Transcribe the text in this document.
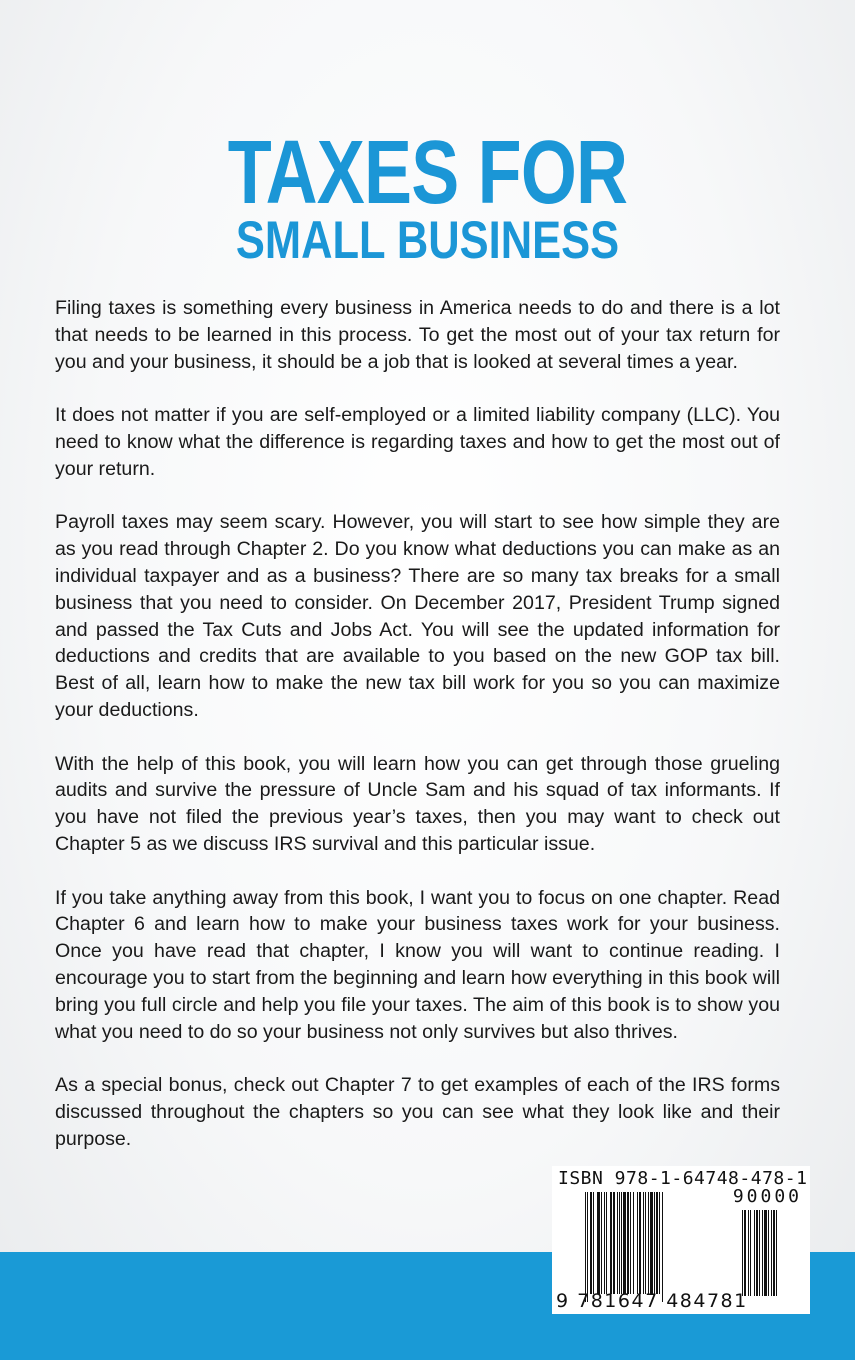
TAXES FOR
SMALL BUSINESS

Filing taxes is something every business in America needs to do and there is a lot that needs to be learned in this process. To get the most out of your tax return for you and your business, it should be a job that is looked at several times a year.

It does not matter if you are self-employed or a limited liability company (LLC). You need to know what the difference is regarding taxes and how to get the most out of your return.

Payroll taxes may seem scary. However, you will start to see how simple they are as you read through Chapter 2. Do you know what deductions you can make as an individual taxpayer and as a business? There are so many tax breaks for a small business that you need to consider. On December 2017, President Trump signed and passed the Tax Cuts and Jobs Act. You will see the updated information for deductions and credits that are available to you based on the new GOP tax bill. Best of all, learn how to make the new tax bill work for you so you can maximize your deductions.

With the help of this book, you will learn how you can get through those grueling audits and survive the pressure of Uncle Sam and his squad of tax informants. If you have not filed the previous year’s taxes, then you may want to check out Chapter 5 as we discuss IRS survival and this particular issue.

If you take anything away from this book, I want you to focus on one chapter. Read Chapter 6 and learn how to make your business taxes work for your business. Once you have read that chapter, I know you will want to continue reading. I encourage you to start from the beginning and learn how everything in this book will bring you full circle and help you file your taxes. The aim of this book is to show you what you need to do so your business not only survives but also thrives.

As a special bonus, check out Chapter 7 to get examples of each of the IRS forms discussed throughout the chapters so you can see what they look like and their purpose.

ISBN 978-1-64748-478-1
90000
9 781647 484781
